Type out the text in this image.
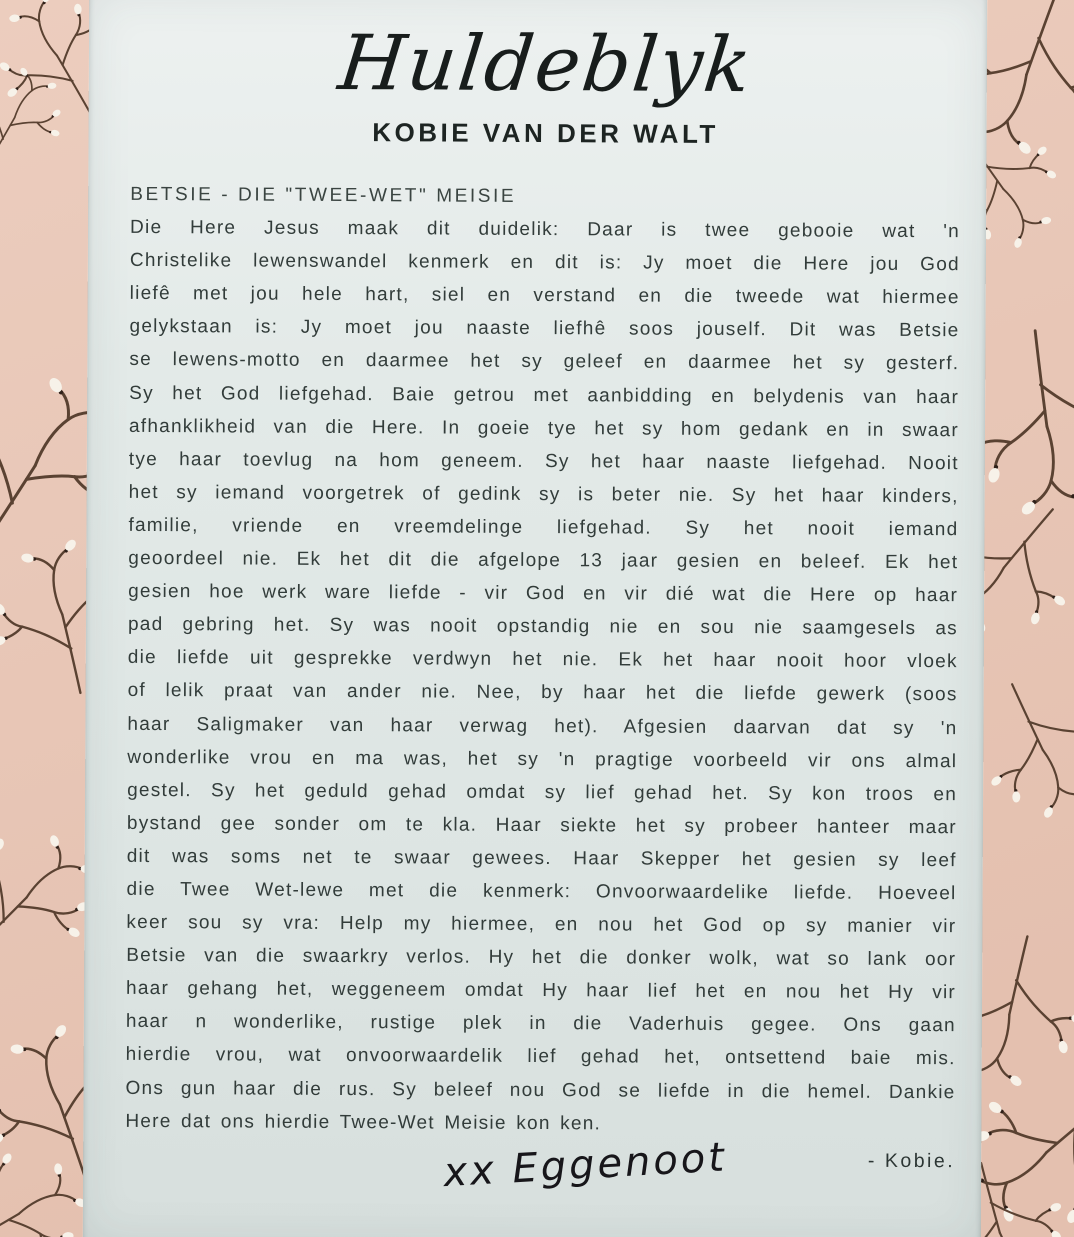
Huldeblyk
KOBIE VAN DER WALT
BETSIE - DIE "TWEE-WET" MEISIE
Die Here Jesus maak dit duidelik: Daar is twee gebooie wat 'n
Christelike lewenswandel kenmerk en dit is: Jy moet die Here jou God
liefê met jou hele hart, siel en verstand en die tweede wat hiermee
gelykstaan is: Jy moet jou naaste liefhê soos jouself. Dit was Betsie
se lewens-motto en daarmee het sy geleef en daarmee het sy gesterf.
Sy het God liefgehad. Baie getrou met aanbidding en belydenis van haar
afhanklikheid van die Here. In goeie tye het sy hom gedank en in swaar
tye haar toevlug na hom geneem. Sy het haar naaste liefgehad. Nooit
het sy iemand voorgetrek of gedink sy is beter nie. Sy het haar kinders,
familie, vriende en vreemdelinge liefgehad. Sy het nooit iemand
geoordeel nie. Ek het dit die afgelope 13 jaar gesien en beleef. Ek het
gesien hoe werk ware liefde - vir God en vir dié wat die Here op haar
pad gebring het. Sy was nooit opstandig nie en sou nie saamgesels as
die liefde uit gesprekke verdwyn het nie. Ek het haar nooit hoor vloek
of lelik praat van ander nie. Nee, by haar het die liefde gewerk (soos
haar Saligmaker van haar verwag het). Afgesien daarvan dat sy 'n
wonderlike vrou en ma was, het sy 'n pragtige voorbeeld vir ons almal
gestel. Sy het geduld gehad omdat sy lief gehad het. Sy kon troos en
bystand gee sonder om te kla. Haar siekte het sy probeer hanteer maar
dit was soms net te swaar gewees. Haar Skepper het gesien sy leef
die Twee Wet-lewe met die kenmerk: Onvoorwaardelike liefde. Hoeveel
keer sou sy vra: Help my hiermee, en nou het God op sy manier vir
Betsie van die swaarkry verlos. Hy het die donker wolk, wat so lank oor
haar gehang het, weggeneem omdat Hy haar lief het en nou het Hy vir
haar n wonderlike, rustige plek in die Vaderhuis gegee. Ons gaan
hierdie vrou, wat onvoorwaardelik lief gehad het, ontsettend baie mis.
Ons gun haar die rus. Sy beleef nou God se liefde in die hemel. Dankie
Here dat ons hierdie Twee-Wet Meisie kon ken.
- Kobie.
xx Eggenoot
